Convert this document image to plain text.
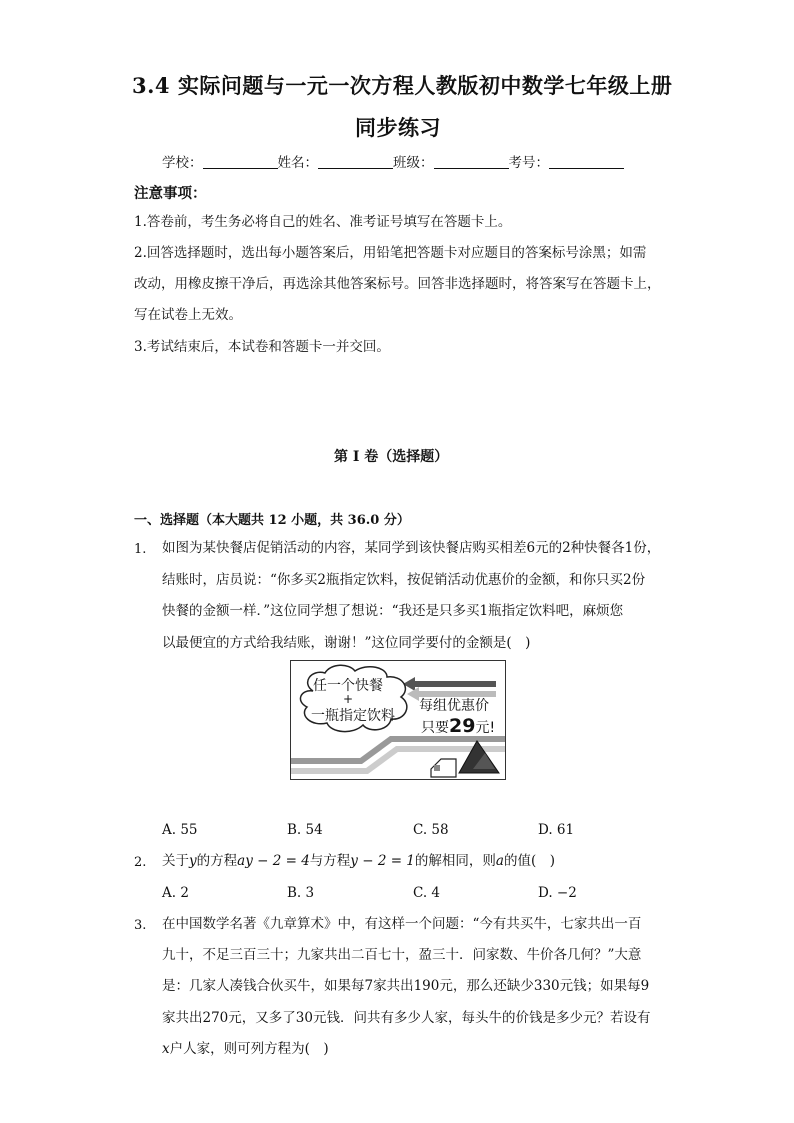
3.4 实际问题与一元一次方程人教版初中数学七年级上册
同步练习
学校：	姓名：	班级：	考号：
注意事项：
1.答卷前，考生务必将自己的姓名、准考证号填写在答题卡上。
2.回答选择题时，选出每小题答案后，用铅笔把答题卡对应题目的答案标号涂黑；如需
改动，用橡皮擦干净后，再选涂其他答案标号。回答非选择题时，将答案写在答题卡上，
写在试卷上无效。
3.考试结束后，本试卷和答题卡一并交回。
第 I 卷（选择题）
一、选择题（本大题共 12 小题，共 36.0 分）
1. 如图为某快餐店促销活动的内容，某同学到该快餐店购买相差6元的2种快餐各1份，
结账时，店员说：“你多买2瓶指定饮料，按促销活动优惠价的金额，和你只买2份
快餐的金额一样．”这位同学想了想说：“我还是只多买1瓶指定饮料吧，麻烦您
以最便宜的方式给我结账，谢谢！”这位同学要付的金额是(　)
任一个快餐
+
一瓶指定饮料
每组优惠价
只要29元!
A. 55	B. 54	C. 58	D. 61
2. 关于y的方程ay − 2 = 4与方程y − 2 = 1的解相同，则a的值(　)
A. 2	B. 3	C. 4	D. −2
3. 在中国数学名著《九章算术》中，有这样一个问题：“今有共买牛，七家共出一百
九十，不足三百三十；九家共出二百七十，盈三十．问家数、牛价各几何？”大意
是：几家人凑钱合伙买牛，如果每7家共出190元，那么还缺少330元钱；如果每9
家共出270元，又多了30元钱．问共有多少人家，每头牛的价钱是多少元？若设有
x户人家，则可列方程为(　)
